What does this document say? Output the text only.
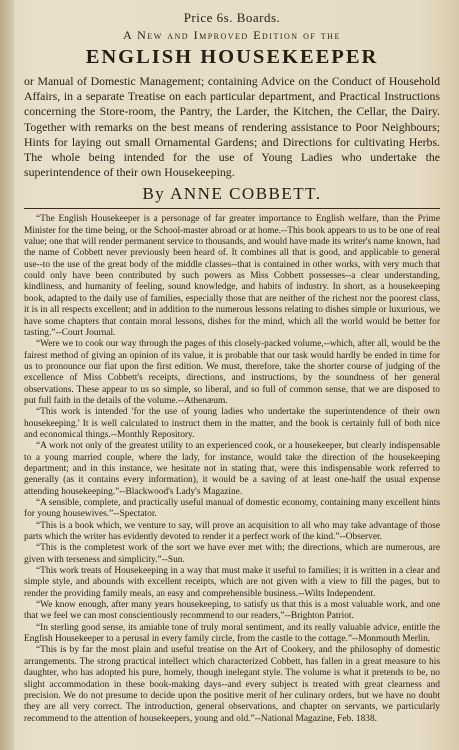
Price 6s. Boards.

A New and Improved Edition of the

ENGLISH HOUSEKEEPER

or Manual of Domestic Management; containing Advice on the Conduct of Household Affairs, in a separate Treatise on each particular department, and Practical Instructions concerning the Store-room, the Pantry, the Larder, the Kitchen, the Cellar, the Dairy. Together with remarks on the best means of rendering assistance to Poor Neighbours; Hints for laying out small Ornamental Gardens; and Directions for cultivating Herbs. The whole being intended for the use of Young Ladies who undertake the superintendence of their own Housekeeping.

By ANNE COBBETT.

“The English Housekeeper is a personage of far greater importance to English welfare, than the Prime Minister for the time being, or the School-master abroad or at home.--This book appears to us to be one of real value; one that will render permanent service to thousands, and would have made its writer's name known, had the name of Cobbett never previously been heard of. It combines all that is good, and applicable to general use--to the use of the great body of the middle classes--that is contained in other works, with very much that could only have been contributed by such powers as Miss Cobbett possesses--a clear understanding, kindliness, and humanity of feeling, sound knowledge, and habits of industry. In short, as a housekeeping book, adapted to the daily use of families, especially those that are neither of the richest nor the poorest class, it is in all respects excellent; and in addition to the numerous lessons relating to dishes simple or luxurious, we have some chapters that contain moral lessons, dishes for the mind, which all the world would be better for tasting.”--Court Journal.

“Were we to cook our way through the pages of this closely-packed volume,--which, after all, would be the fairest method of giving an opinion of its value, it is probable that our task would hardly be ended in time for us to pronounce our fiat upon the first edition. We must, therefore, take the shorter course of judging of the excellence of Miss Cobbett's receipts, directions, and instructions, by the soundness of her general observations. These appear to us so simple, so liberal, and so full of common sense, that we are disposed to put full faith in the details of the volume.--Athenæum.

“This work is intended 'for the use of young ladies who undertake the superintendence of their own housekeeping.' It is well calculated to instruct them in the matter, and the book is certainly full of both nice and economical things.--Monthly Repository.

“A work not only of the greatest utility to an experienced cook, or a housekeeper, but clearly indispensable to a young married couple, where the lady, for instance, would take the direction of the housekeeping department; and in this instance, we hesitate not in stating that, were this indispensable work referred to generally (as it contains every information), it would be a saving of at least one-half the usual expense attending housekeeping.”--Blackwood's Lady's Magazine.

“A sensible, complete, and practically useful manual of domestic economy, containing many excellent hints for young housewives.”--Spectator.

“This is a book which, we venture to say, will prove an acquisition to all who may take advantage of those parts which the writer has evidently devoted to render it a perfect work of the kind.”--Observer.

“This is the completest work of the sort we have ever met with; the directions, which are numerous, are given with terseness and simplicity.”--Sun.

“This work treats of Housekeeping in a way that must make it useful to families; it is written in a clear and simple style, and abounds with excellent receipts, which are not given with a view to fill the pages, but to render the providing family meals, an easy and comprehensible business.--Wilts Independent.

“We know enough, after many years housekeeping, to satisfy us that this is a most valuable work, and one that we feel we can most conscientiously recommend to our readers,”--Brighton Patriot.

“In sterling good sense, its amiable tone of truly moral sentiment, and its really valuable advice, entitle the English Housekeeper to a perusal in every family circle, from the castle to the cottage.”--Monmouth Merlin.

“This is by far the most plain and useful treatise on the Art of Cookery, and the philosophy of domestic arrangements. The strong practical intellect which characterized Cobbett, has fallen in a great measure to his daughter, who has adopted his pure, homely, though inelegant style. The volume is what it pretends to be, no slight accommodation in these book-making days--and every subject is treated with great clearness and precision. We do not presume to decide upon the positive merit of her culinary orders, but we have no doubt they are all very correct. The introduction, general observations, and chapter on servants, we particularly recommend to the attention of housekeepers, young and old.”--National Magazine, Feb. 1838.
